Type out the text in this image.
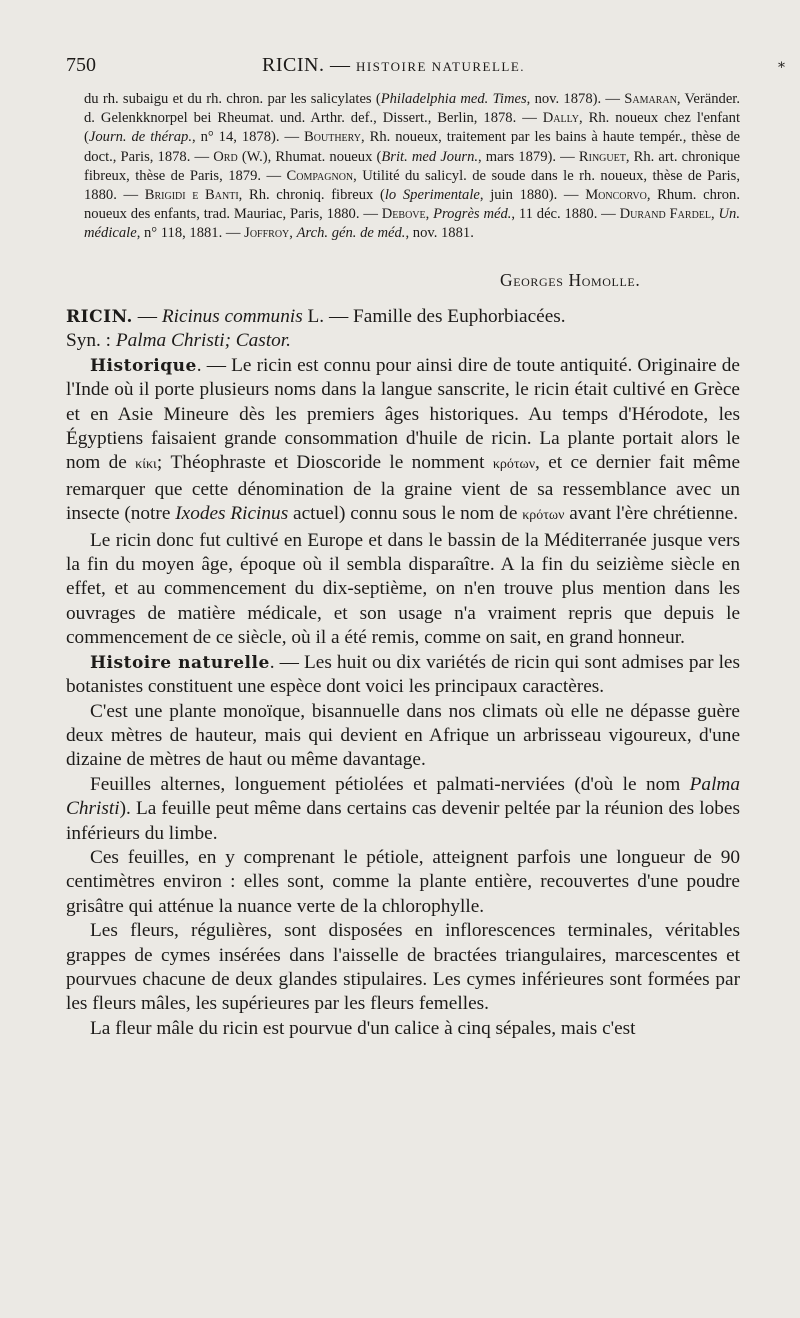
750	RICIN. — HISTOIRE NATURELLE.	*

du rh. subaigu et du rh. chron. par les salicylates (Philadelphia med. Times, nov. 1878). — Samaran, Veränder. d. Gelenkknorpel bei Rheumat. und. Arthr. def., Dissert., Berlin, 1878. — Dally, Rh. noueux chez l'enfant (Journ. de thérap., n° 14, 1878). — Bouthery, Rh. noueux, traitement par les bains à haute tempér., thèse de doct., Paris, 1878. — Ord (W.), Rhumat. noueux (Brit. med Journ., mars 1879). — Ringuet, Rh. art. chronique fibreux, thèse de Paris, 1879. — Compagnon, Utilité du salicyl. de soude dans le rh. noueux, thèse de Paris, 1880. — Brigidi e Banti, Rh. chroniq. fibreux (lo Sperimentale, juin 1880). — Moncorvo, Rhum. chron. noueux des enfants, trad. Mauriac, Paris, 1880. — Debove, Progrès méd., 11 déc. 1880. — Durand Fardel, Un. médicale, n° 118, 1881. — Joffroy, Arch. gén. de méd., nov. 1881.

Georges Homolle.

RICIN. — Ricinus communis L. — Famille des Euphorbiacées.

Syn. : Palma Christi; Castor.

Historique. — Le ricin est connu pour ainsi dire de toute antiquité. Originaire de l'Inde où il porte plusieurs noms dans la langue sanscrite, le ricin était cultivé en Grèce et en Asie Mineure dès les premiers âges historiques. Au temps d'Hérodote, les Égyptiens faisaient grande consommation d'huile de ricin. La plante portait alors le nom de κίκι; Théophraste et Dioscoride le nomment κρότων, et ce dernier fait même remarquer que cette dénomination de la graine vient de sa ressemblance avec un insecte (notre Ixodes Ricinus actuel) connu sous le nom de κρότων avant l'ère chrétienne.

Le ricin donc fut cultivé en Europe et dans le bassin de la Méditerranée jusque vers la fin du moyen âge, époque où il sembla disparaître. A la fin du seizième siècle en effet, et au commencement du dix-septième, on n'en trouve plus mention dans les ouvrages de matière médicale, et son usage n'a vraiment repris que depuis le commencement de ce siècle, où il a été remis, comme on sait, en grand honneur.

Histoire naturelle. — Les huit ou dix variétés de ricin qui sont admises par les botanistes constituent une espèce dont voici les principaux caractères.

C'est une plante monoïque, bisannuelle dans nos climats où elle ne dépasse guère deux mètres de hauteur, mais qui devient en Afrique un arbrisseau vigoureux, d'une dizaine de mètres de haut ou même davantage.

Feuilles alternes, longuement pétiolées et palmati-nerviées (d'où le nom Palma Christi). La feuille peut même dans certains cas devenir peltée par la réunion des lobes inférieurs du limbe.

Ces feuilles, en y comprenant le pétiole, atteignent parfois une longueur de 90 centimètres environ : elles sont, comme la plante entière, recouvertes d'une poudre grisâtre qui atténue la nuance verte de la chlorophylle.

Les fleurs, régulières, sont disposées en inflorescences terminales, véritables grappes de cymes insérées dans l'aisselle de bractées triangulaires, marcescentes et pourvues chacune de deux glandes stipulaires. Les cymes inférieures sont formées par les fleurs mâles, les supérieures par les fleurs femelles.

La fleur mâle du ricin est pourvue d'un calice à cinq sépales, mais c'est
